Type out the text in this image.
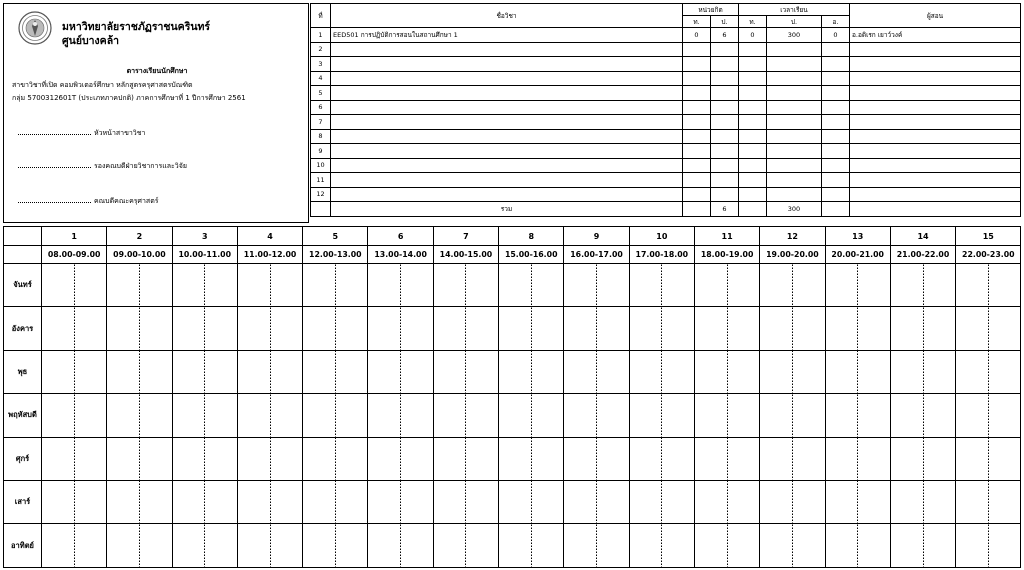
มหาวิทยาลัยราชภัฏราชนครินทร์
ศูนย์บางคล้า
ตารางเรียนนักศึกษา
สาขาวิชาที่เปิด คอมพิวเตอร์ศึกษา หลักสูตรครุศาสตรบัณฑิต
กลุ่ม 5700312601T (ประเภทภาคปกติ) ภาคการศึกษาที่ 1 ปีการศึกษา 2561
หัวหน้าสาขาวิชา
รองคณบดีฝ่ายวิชาการและวิจัย
คณบดีคณะครุศาสตร์
ที่	ชื่อวิชา	หน่วยกิต		เวลาเรียน			ผู้สอน
		ท.	ป.	ท.	ป.	อ.	
1	EED501 การปฏิบัติการสอนในสถานศึกษา 1	0	6	0	300	0	อ.อดิเรก เยาว์วงค์
2							
3							
4							
5							
6							
7							
8							
9							
10							
11							
12							
	รวม		6		300		
	1	2	3	4	5	6	7	8	9	10	11	12	13	14	15
	08.00-09.00	09.00-10.00	10.00-11.00	11.00-12.00	12.00-13.00	13.00-14.00	14.00-15.00	15.00-16.00	16.00-17.00	17.00-18.00	18.00-19.00	19.00-20.00	20.00-21.00	21.00-22.00	22.00-23.00
จันทร์															
อังคาร															
พุธ															
พฤหัสบดี															
ศุกร์															
เสาร์															
อาทิตย์															
